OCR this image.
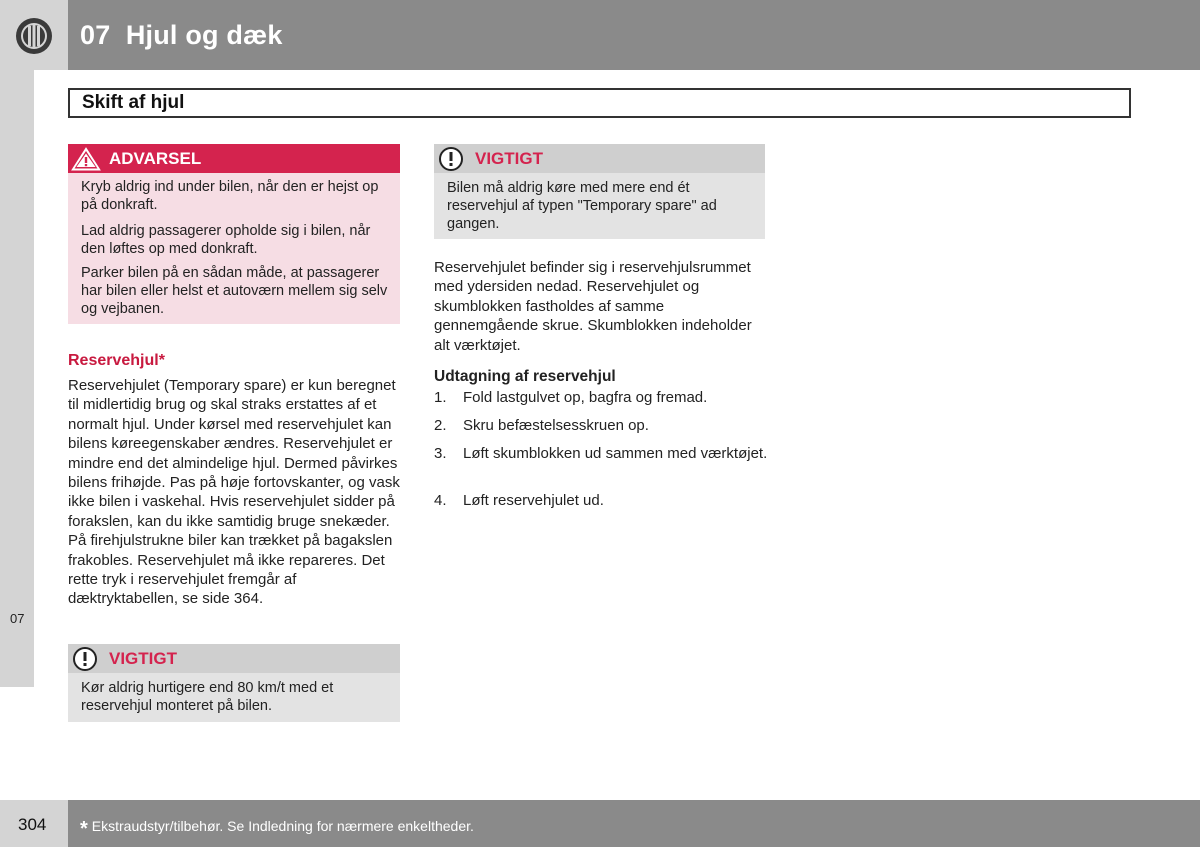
07  Hjul og dæk
Skift af hjul
07
ADVARSEL
Kryb aldrig ind under bilen, når den er hejst op på donkraft.
Lad aldrig passagerer opholde sig i bilen, når den løftes op med donkraft.
Parker bilen på en sådan måde, at passagerer har bilen eller helst et autoværn mellem sig selv og vejbanen.
Reservehjul*
Reservehjulet (Temporary spare) er kun beregnet til midlertidig brug og skal straks erstattes af et normalt hjul. Under kørsel med reservehjulet kan bilens køreegenskaber ændres. Reservehjulet er mindre end det almindelige hjul. Dermed påvirkes bilens frihøjde. Pas på høje fortovskanter, og vask ikke bilen i vaskehal. Hvis reservehjulet sidder på forakslen, kan du ikke samtidig bruge snekæder. På firehjulstrukne biler kan trækket på bagakslen frakobles. Reservehjulet må ikke repareres. Det rette tryk i reservehjulet fremgår af dæktryktabellen, se side 364.
VIGTIGT
Kør aldrig hurtigere end 80 km/t med et reservehjul monteret på bilen.
VIGTIGT
Bilen må aldrig køre med mere end ét reservehjul af typen "Temporary spare" ad gangen.
Reservehjulet befinder sig i reservehjulsrummet med ydersiden nedad. Reservehjulet og skumblokken fastholdes af samme gennemgående skrue. Skumblokken indeholder alt værktøjet.
Udtagning af reservehjul
1. Fold lastgulvet op, bagfra og fremad.
2. Skru befæstelsesskruen op.
3. Løft skumblokken ud sammen med værktøjet.
4. Løft reservehjulet ud.
304 * Ekstraudstyr/tilbehør. Se Indledning for nærmere enkeltheder.
